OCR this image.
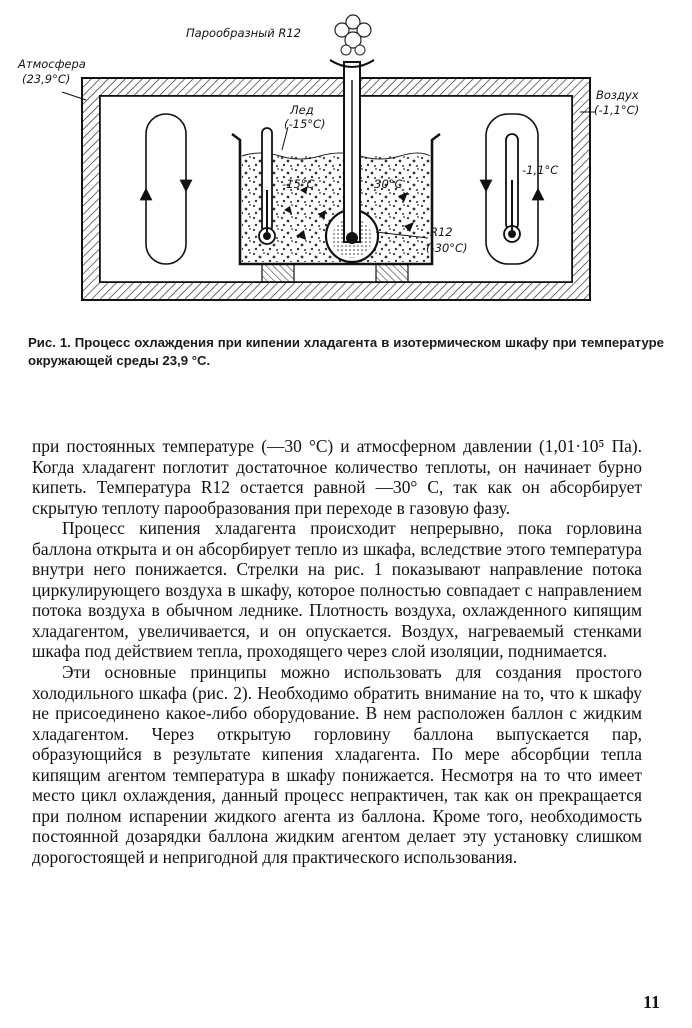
Парообразный R12
Атмосфера
(23,9°С)
Воздух
(-1,1°С)
Лед
(-15°С)
-15°С	-30°С
-1,1°С
R12
(-30°С)

Рис. 1. Процесс охлаждения при кипении хладагента в изотермическом шкафу при температуре окружающей среды 23,9 °С.

при постоянных температуре (—30 °С) и атмосферном давлении (1,01·10⁵ Па). Когда хладагент поглотит достаточное количество теплоты, он начинает бурно кипеть. Температура R12 остается равной —30° С, так как он абсорбирует скрытую теплоту парообразования при переходе в газовую фазу.

Процесс кипения хладагента происходит непрерывно, пока горловина баллона открыта и он абсорбирует тепло из шкафа, вследствие этого температура внутри него понижается. Стрелки на рис. 1 показывают направление потока циркулирующего воздуха в шкафу, которое полностью совпадает с направлением потока воздуха в обычном леднике. Плотность воздуха, охлажденного кипящим хладагентом, увеличивается, и он опускается. Воздух, нагреваемый стенками шкафа под действием тепла, проходящего через слой изоляции, поднимается.

Эти основные принципы можно использовать для создания простого холодильного шкафа (рис. 2). Необходимо обратить внимание на то, что к шкафу не присоединено какое-либо оборудование. В нем расположен баллон с жидким хладагентом. Через открытую горловину баллона выпускается пар, образующийся в результате кипения хладагента. По мере абсорбции тепла кипящим агентом температура в шкафу понижается. Несмотря на то что имеет место цикл охлаждения, данный процесс непрактичен, так как он прекращается при полном испарении жидкого агента из баллона. Кроме того, необходимость постоянной дозарядки баллона жидким агентом делает эту установку слишком дорогостоящей и непригодной для практического использования.

11
